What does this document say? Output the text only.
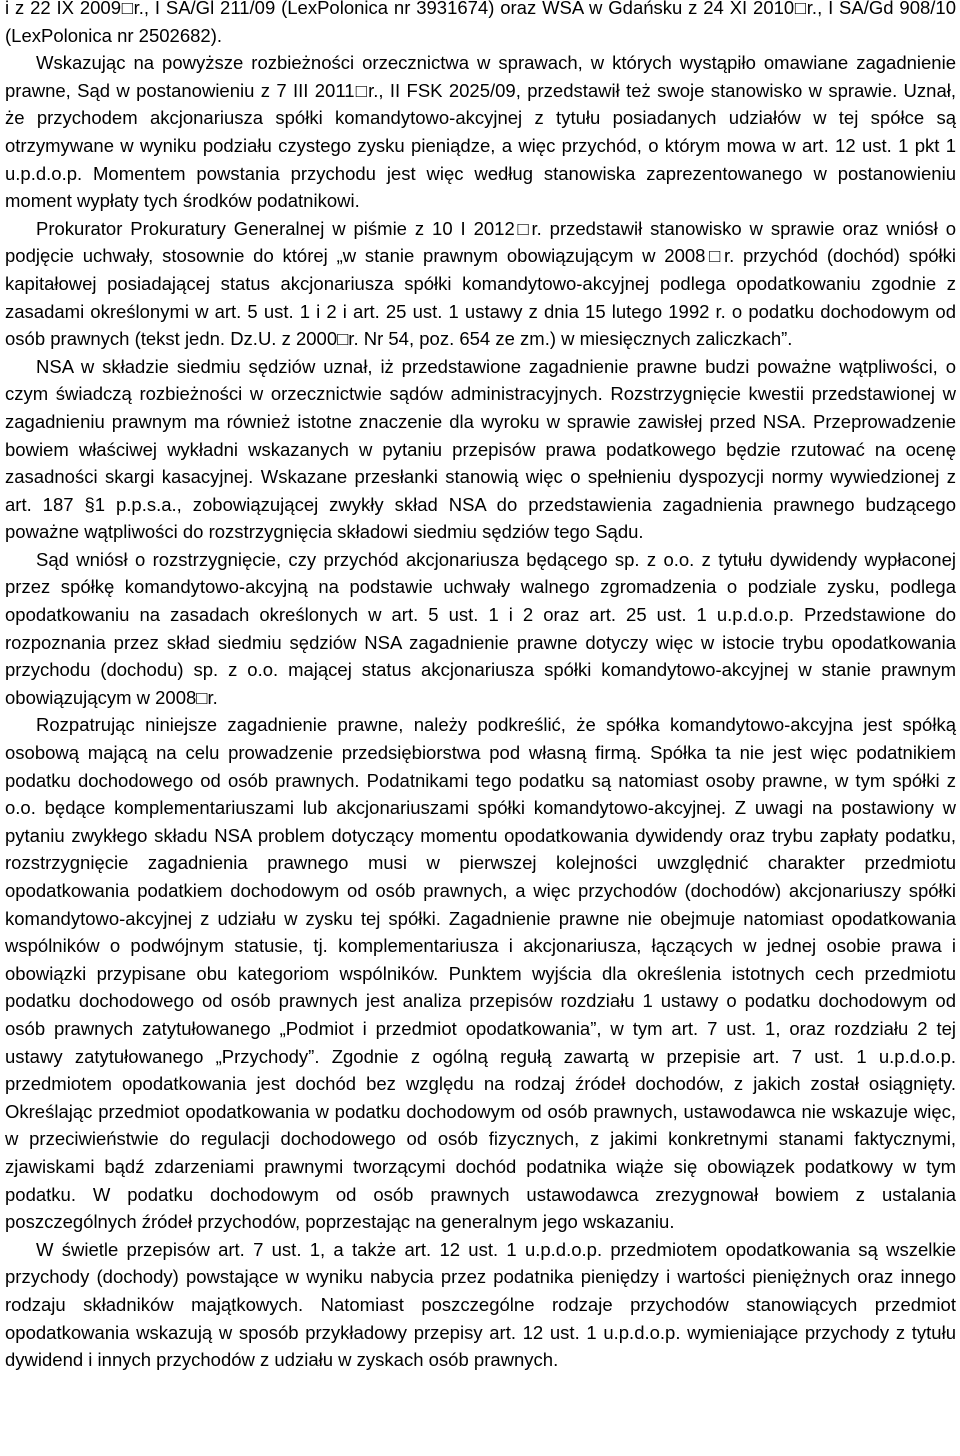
i z 22 IX 2009□r., I SA/Gl 211/09 (LexPolonica nr 3931674) oraz WSA w Gdańsku z 24 XI 2010□r., I SA/Gd 908/10 (LexPolonica nr 2502682).

Wskazując na powyższe rozbieżności orzecznictwa w sprawach, w których wystąpiło omawiane zagadnienie prawne, Sąd w postanowieniu z 7 III 2011□r., II FSK 2025/09, przedstawił też swoje stanowisko w sprawie. Uznał, że przychodem akcjonariusza spółki komandytowo-akcyjnej z tytułu posiadanych udziałów w tej spółce są otrzymywane w wyniku podziału czystego zysku pieniądze, a więc przychód, o którym mowa w art. 12 ust. 1 pkt 1 u.p.d.o.p. Momentem powstania przychodu jest więc według stanowiska zaprezentowanego w postanowieniu moment wypłaty tych środków podatnikowi.

Prokurator Prokuratury Generalnej w piśmie z 10 I 2012□r. przedstawił stanowisko w sprawie oraz wniósł o podjęcie uchwały, stosownie do której „w stanie prawnym obowiązującym w 2008□r. przychód (dochód) spółki kapitałowej posiadającej status akcjonariusza spółki komandytowo-akcyjnej podlega opodatkowaniu zgodnie z zasadami określonymi w art. 5 ust. 1 i 2 i art. 25 ust. 1 ustawy z dnia 15 lutego 1992 r. o podatku dochodowym od osób prawnych (tekst jedn. Dz.U. z 2000□r. Nr 54, poz. 654 ze zm.) w miesięcznych zaliczkach”.

NSA w składzie siedmiu sędziów uznał, iż przedstawione zagadnienie prawne budzi poważne wątpliwości, o czym świadczą rozbieżności w orzecznictwie sądów administracyjnych. Rozstrzygnięcie kwestii przedstawionej w zagadnieniu prawnym ma również istotne znaczenie dla wyroku w sprawie zawisłej przed NSA. Przeprowadzenie bowiem właściwej wykładni wskazanych w pytaniu przepisów prawa podatkowego będzie rzutować na ocenę zasadności skargi kasacyjnej. Wskazane przesłanki stanowią więc o spełnieniu dyspozycji normy wywiedzionej z art. 187 §1 p.p.s.a., zobowiązującej zwykły skład NSA do przedstawienia zagadnienia prawnego budzącego poważne wątpliwości do rozstrzygnięcia składowi siedmiu sędziów tego Sądu.

Sąd wniósł o rozstrzygnięcie, czy przychód akcjonariusza będącego sp. z o.o. z tytułu dywidendy wypłaconej przez spółkę komandytowo-akcyjną na podstawie uchwały walnego zgromadzenia o podziale zysku, podlega opodatkowaniu na zasadach określonych w art. 5 ust. 1 i 2 oraz art. 25 ust. 1 u.p.d.o.p. Przedstawione do rozpoznania przez skład siedmiu sędziów NSA zagadnienie prawne dotyczy więc w istocie trybu opodatkowania przychodu (dochodu) sp. z o.o. mającej status akcjonariusza spółki komandytowo-akcyjnej w stanie prawnym obowiązującym w 2008□r.

Rozpatrując niniejsze zagadnienie prawne, należy podkreślić, że spółka komandytowo-akcyjna jest spółką osobową mającą na celu prowadzenie przedsiębiorstwa pod własną firmą. Spółka ta nie jest więc podatnikiem podatku dochodowego od osób prawnych. Podatnikami tego podatku są natomiast osoby prawne, w tym spółki z o.o. będące komplementariuszami lub akcjonariuszami spółki komandytowo-akcyjnej. Z uwagi na postawiony w pytaniu zwykłego składu NSA problem dotyczący momentu opodatkowania dywidendy oraz trybu zapłaty podatku, rozstrzygnięcie zagadnienia prawnego musi w pierwszej kolejności uwzględnić charakter przedmiotu opodatkowania podatkiem dochodowym od osób prawnych, a więc przychodów (dochodów) akcjonariuszy spółki komandytowo-akcyjnej z udziału w zysku tej spółki. Zagadnienie prawne nie obejmuje natomiast opodatkowania wspólników o podwójnym statusie, tj. komplementariusza i akcjonariusza, łączących w jednej osobie prawa i obowiązki przypisane obu kategoriom wspólników. Punktem wyjścia dla określenia istotnych cech przedmiotu podatku dochodowego od osób prawnych jest analiza przepisów rozdziału 1 ustawy o podatku dochodowym od osób prawnych zatytułowanego „Podmiot i przedmiot opodatkowania”, w tym art. 7 ust. 1, oraz rozdziału 2 tej ustawy zatytułowanego „Przychody”. Zgodnie z ogólną regułą zawartą w przepisie art. 7 ust. 1 u.p.d.o.p. przedmiotem opodatkowania jest dochód bez względu na rodzaj źródeł dochodów, z jakich został osiągnięty. Określając przedmiot opodatkowania w podatku dochodowym od osób prawnych, ustawodawca nie wskazuje więc, w przeciwieństwie do regulacji dochodowego od osób fizycznych, z jakimi konkretnymi stanami faktycznymi, zjawiskami bądź zdarzeniami prawnymi tworzącymi dochód podatnika wiąże się obowiązek podatkowy w tym podatku. W podatku dochodowym od osób prawnych ustawodawca zrezygnował bowiem z ustalania poszczególnych źródeł przychodów, poprzestając na generalnym jego wskazaniu.

W świetle przepisów art. 7 ust. 1, a także art. 12 ust. 1 u.p.d.o.p. przedmiotem opodatkowania są wszelkie przychody (dochody) powstające w wyniku nabycia przez podatnika pieniędzy i wartości pieniężnych oraz innego rodzaju składników majątkowych. Natomiast poszczególne rodzaje przychodów stanowiących przedmiot opodatkowania wskazują w sposób przykładowy przepisy art. 12 ust. 1 u.p.d.o.p. wymieniające przychody z tytułu dywidend i innych przychodów z udziału w zyskach osób prawnych.
